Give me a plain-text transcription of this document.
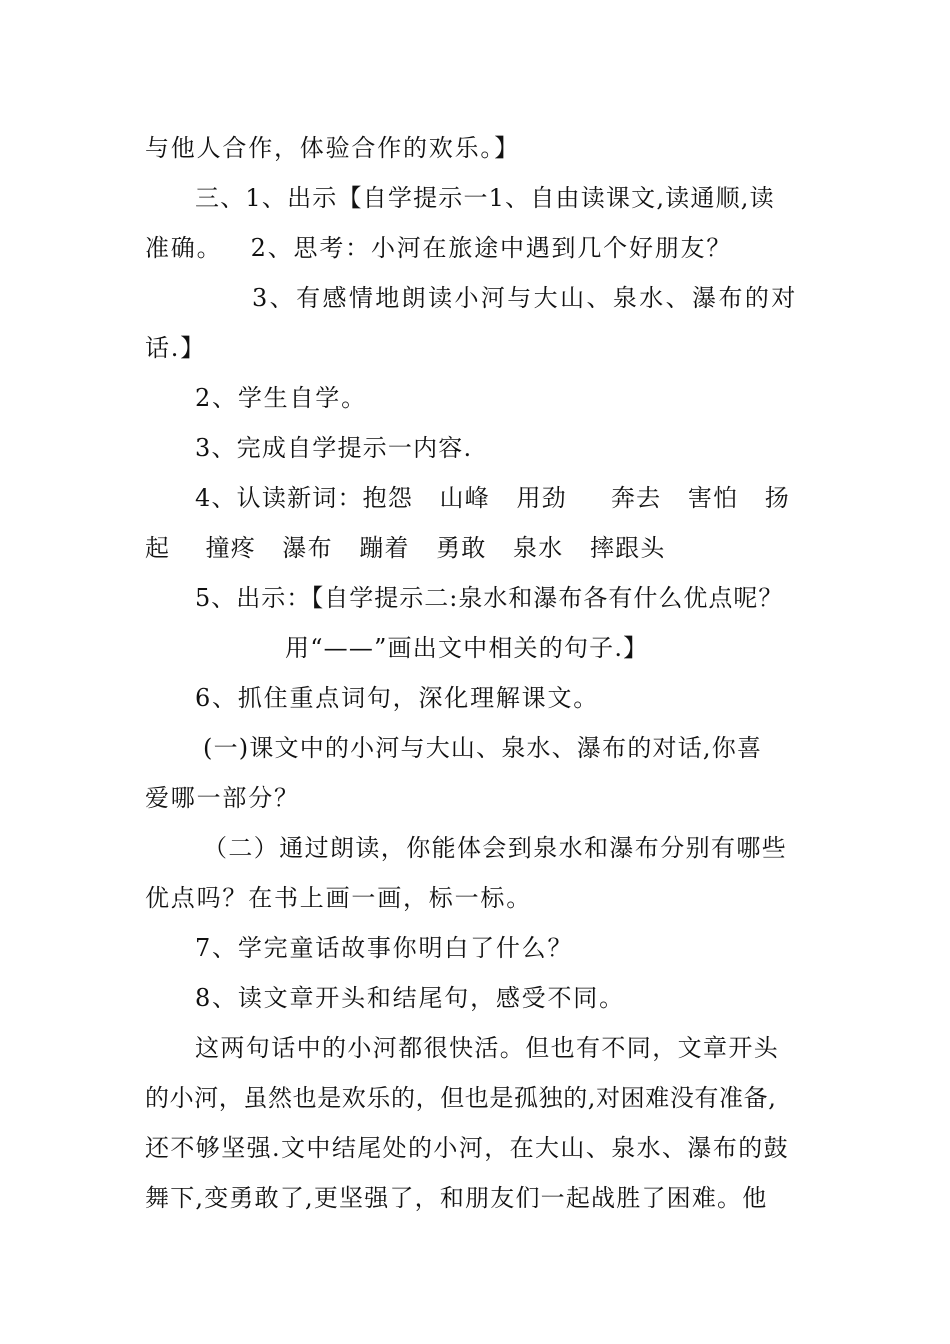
与他人合作，体验合作的欢乐。】
三、1、出示【自学提示一1、自由读课文,读通顺,读
准确。   2、思考：小河在旅途中遇到几个好朋友？
3、有感情地朗读小河与大山、泉水、瀑布的对
话.】
2、学生自学。
3、完成自学提示一内容.
4、认读新词：抱怨   山峰   用劲     奔去   害怕   扬
起    撞疼   瀑布   蹦着   勇敢   泉水   摔跟头
5、出示：【自学提示二:泉水和瀑布各有什么优点呢？
用“——”画出文中相关的句子.】
6、抓住重点词句，深化理解课文。
(一)课文中的小河与大山、泉水、瀑布的对话,你喜
爱哪一部分？
（二）通过朗读，你能体会到泉水和瀑布分别有哪些
优点吗？在书上画一画，标一标。
7、学完童话故事你明白了什么？
8、读文章开头和结尾句，感受不同。
这两句话中的小河都很快活。但也有不同，文章开头
的小河，虽然也是欢乐的，但也是孤独的,对困难没有准备,
还不够坚强.文中结尾处的小河，在大山、泉水、瀑布的鼓
舞下,变勇敢了,更坚强了，和朋友们一起战胜了困难。他
